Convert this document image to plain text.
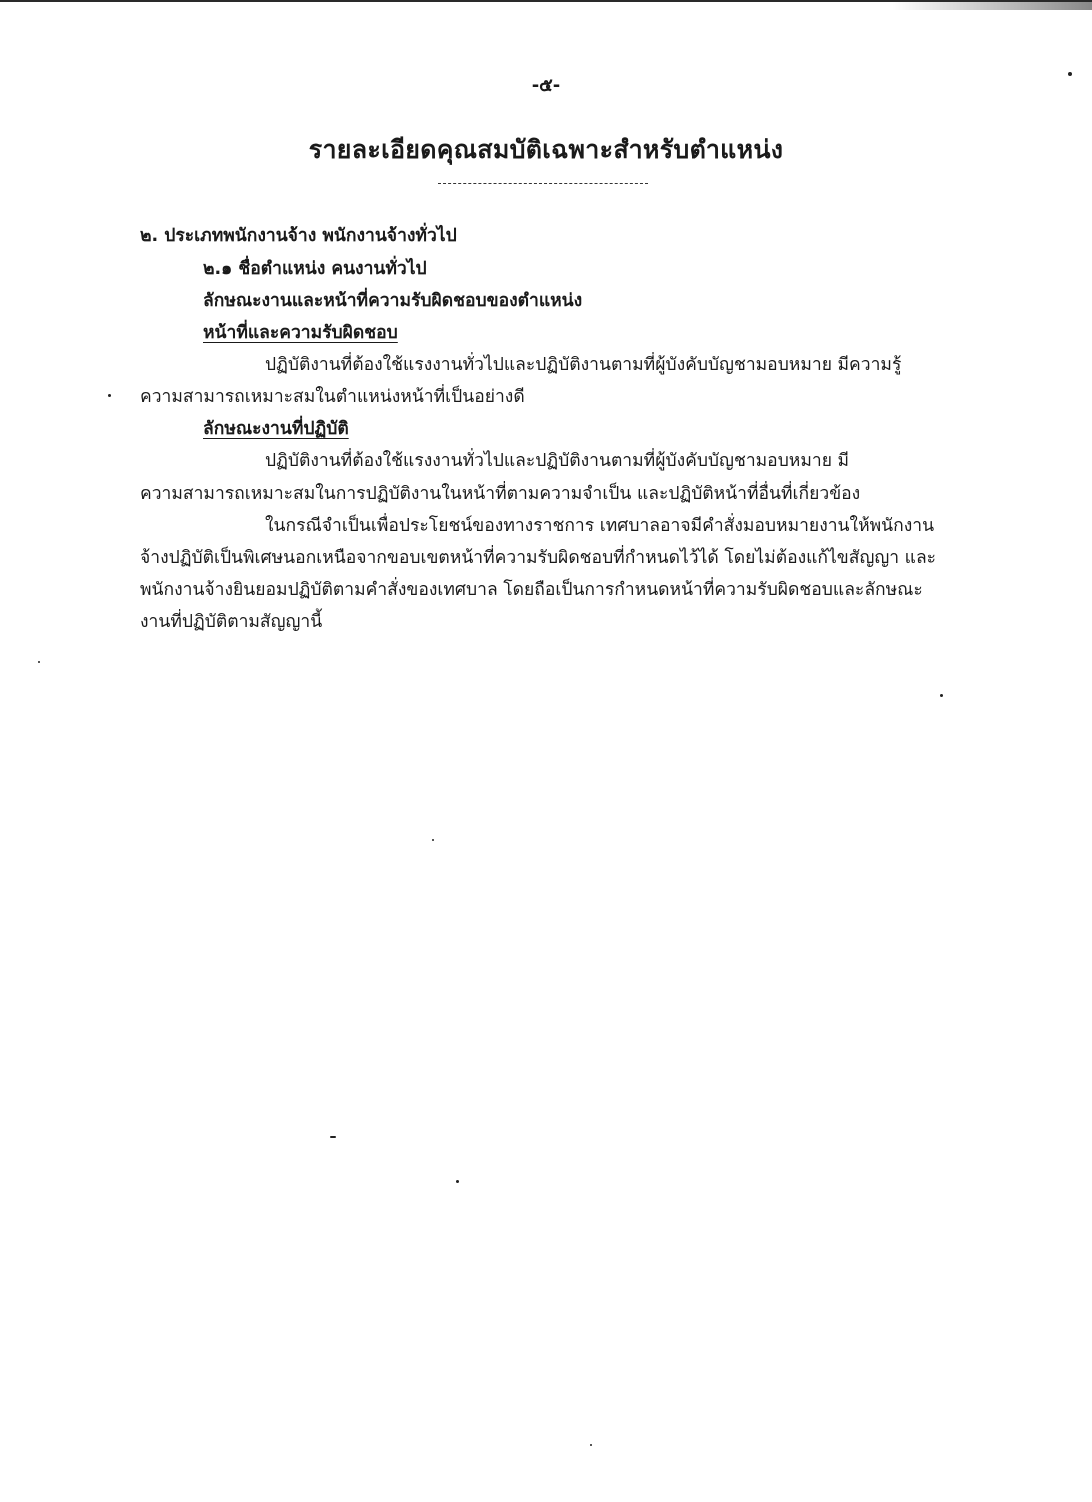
-๕-
รายละเอียดคุณสมบัติเฉพาะสำหรับตำแหน่ง
๒. ประเภทพนักงานจ้าง พนักงานจ้างทั่วไป
๒.๑ ชื่อตำแหน่ง คนงานทั่วไป
ลักษณะงานและหน้าที่ความรับผิดชอบของตำแหน่ง
หน้าที่และความรับผิดชอบ
ปฏิบัติงานที่ต้องใช้แรงงานทั่วไปและปฏิบัติงานตามที่ผู้บังคับบัญชามอบหมาย มีความรู้
ความสามารถเหมาะสมในตำแหน่งหน้าที่เป็นอย่างดี
ลักษณะงานที่ปฏิบัติ
ปฏิบัติงานที่ต้องใช้แรงงานทั่วไปและปฏิบัติงานตามที่ผู้บังคับบัญชามอบหมาย มี
ความสามารถเหมาะสมในการปฏิบัติงานในหน้าที่ตามความจำเป็น และปฏิบัติหน้าที่อื่นที่เกี่ยวข้อง
ในกรณีจำเป็นเพื่อประโยชน์ของทางราชการ เทศบาลอาจมีคำสั่งมอบหมายงานให้พนักงาน
จ้างปฏิบัติเป็นพิเศษนอกเหนือจากขอบเขตหน้าที่ความรับผิดชอบที่กำหนดไว้ได้ โดยไม่ต้องแก้ไขสัญญา และ
พนักงานจ้างยินยอมปฏิบัติตามคำสั่งของเทศบาล โดยถือเป็นการกำหนดหน้าที่ความรับผิดชอบและลักษณะ
งานที่ปฏิบัติตามสัญญานี้
